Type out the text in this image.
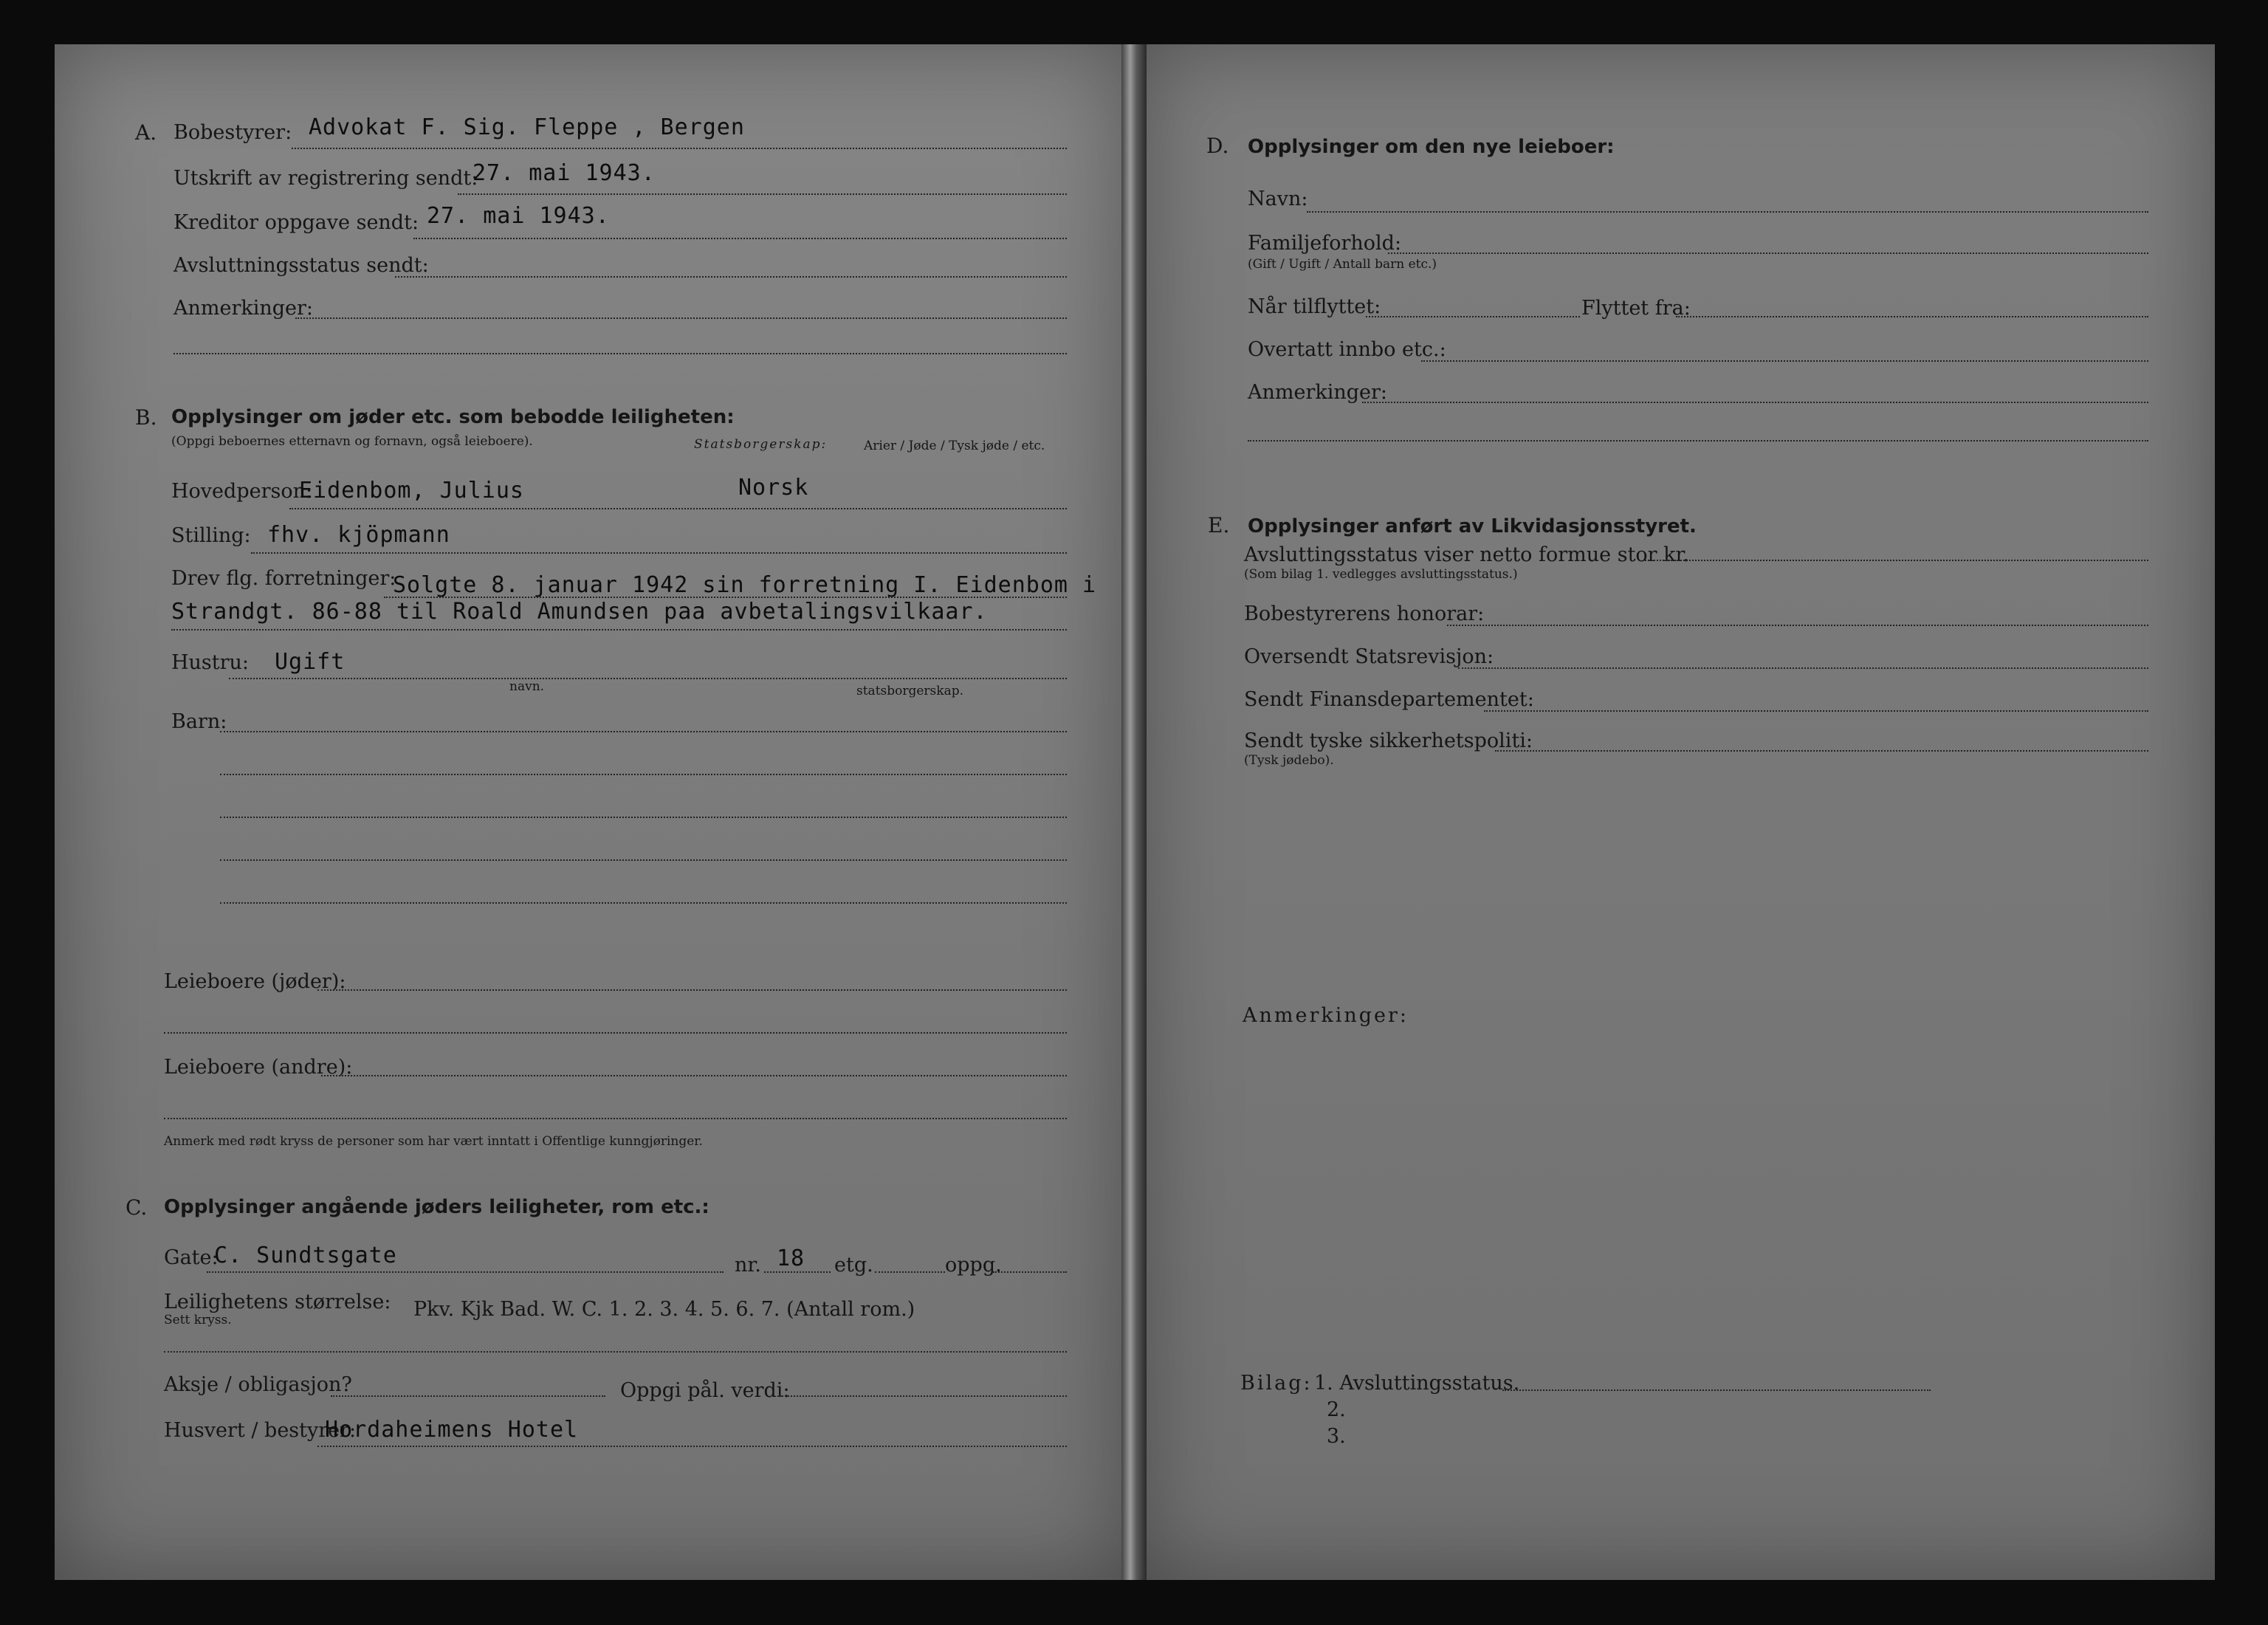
A. Bobestyrer: Advokat F. Sig. Fleppe , Bergen
Utskrift av registrering sendt:
27. mai 1943.
Kreditor oppgave sendt: 27. mai 1943.
Avsluttningsstatus sendt:
Anmerkinger:
B. Opplysinger om jøder etc. som bebodde leiligheten:
(Oppgi beboernes etternavn og fornavn, også leieboere).	Statsborgerskap:	Arier / Jøde / Tysk jøde / etc.
Hovedperson:
Eidenbom, Julius	Norsk
Stilling: fhv. kjöpmann
Drev flg. forretninger:
Solgte 8. januar 1942 sin forretning I. Eidenbom i
Strandgt. 86-88 til Roald Amundsen paa avbetalingsvilkaar.
Hustru: Ugift
navn.	statsborgerskap.
Barn:
Leieboere (jøder):
Leieboere (andre):
Anmerk med rødt kryss de personer som har vært inntatt i Offentlige kunngjøringer.
C. Opplysinger angående jøders leiligheter, rom etc.:
Gate:
C. Sundtsgate	nr. 18 etg.	oppg.
Leilighetens størrelse:
Sett kryss.	Pkv. Kjk Bad. W. C. 1. 2. 3. 4. 5. 6. 7. (Antall rom.)
Aksje / obligasjon?	Oppgi pål. verdi:
Husvert / bestyrer:
Hordaheimens Hotel
D. Opplysinger om den nye leieboer:
Navn:
Familjeforhold:
(Gift / Ugift / Antall barn etc.)
Når tilflyttet:	Flyttet fra:
Overtatt innbo etc.:
Anmerkinger:
E. Opplysinger anført av Likvidasjonsstyret.
Avsluttingsstatus viser netto formue stor kr.
(Som bilag 1. vedlegges avsluttingsstatus.)
Bobestyrerens honorar:
Oversendt Statsrevisjon:
Sendt Finansdepartementet:
Sendt tyske sikkerhetspoliti:
(Tysk jødebo).
Anmerkinger:
Bilag: 1. Avsluttingsstatus.
2.
3.
